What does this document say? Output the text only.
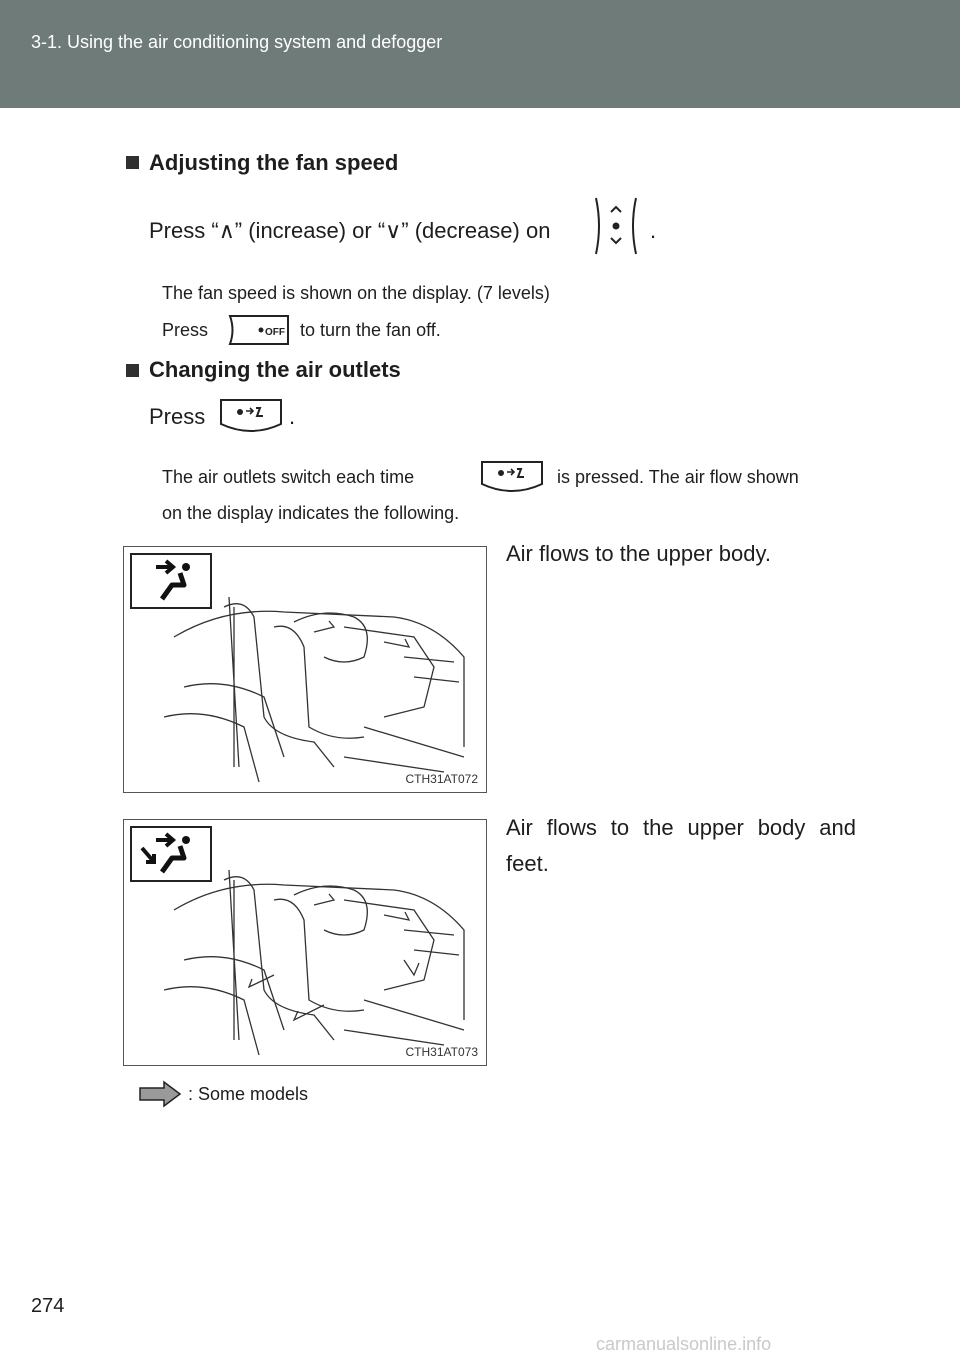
3-1. Using the air conditioning system and defogger
Adjusting the fan speed
Press “∧” (increase) or “∨” (decrease) on	.
The fan speed is shown on the display. (7 levels)
Press	OFF to turn the fan off.
Changing the air outlets
Press	.
The air outlets switch each time	is pressed. The air flow shown
on the display indicates the following.
CTH31AT072
Air flows to the upper body.
CTH31AT073
Air flows to the upper body and feet.
: Some models
274
carmanualsonline.info
